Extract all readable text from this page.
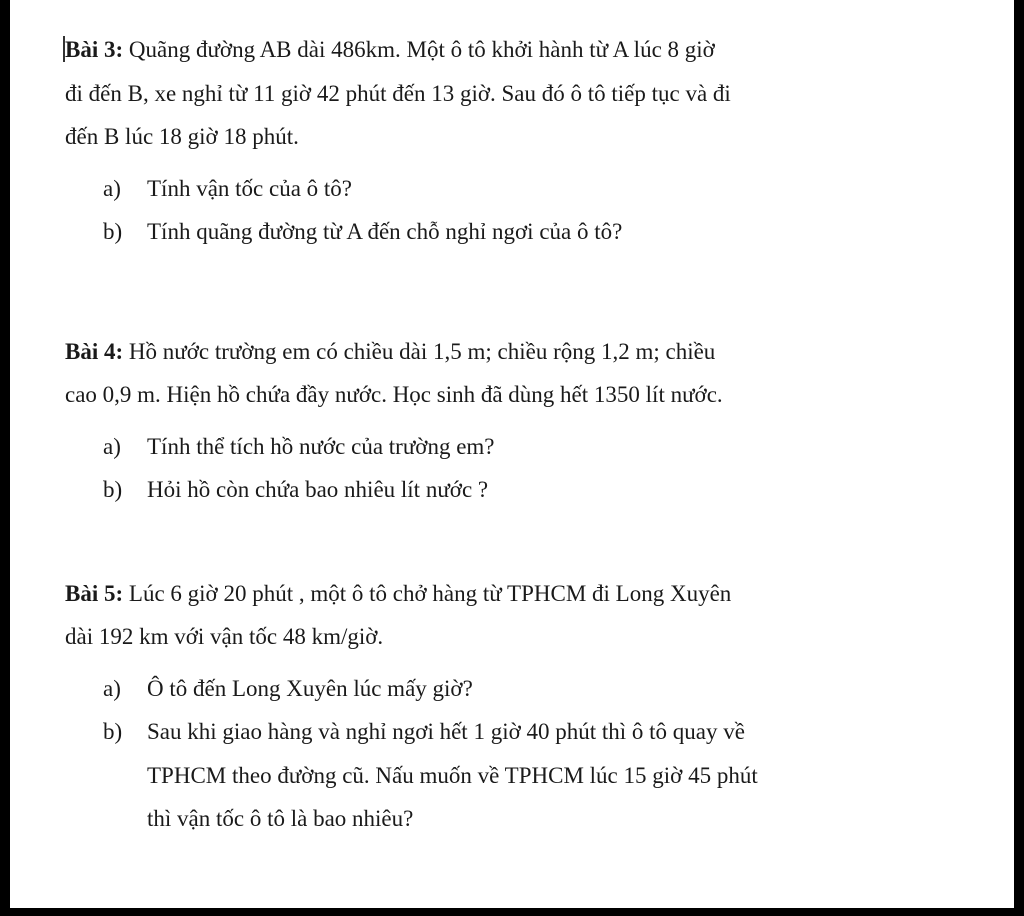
Bài 3: Quãng đường AB dài 486km. Một ô tô khởi hành từ A lúc 8 giờ
đi đến B, xe nghỉ từ 11 giờ 42 phút đến 13 giờ. Sau đó ô tô tiếp tục và đi
đến B lúc 18 giờ 18 phút.

a) Tính vận tốc của ô tô?
b) Tính quãng đường từ A đến chỗ nghỉ ngơi của ô tô?

Bài 4: Hồ nước trường em có chiều dài 1,5 m; chiều rộng 1,2 m; chiều
cao 0,9 m. Hiện hồ chứa đầy nước. Học sinh đã dùng hết 1350 lít nước.

a) Tính thể tích hồ nước của trường em?
b) Hỏi hồ còn chứa bao nhiêu lít nước ?

Bài 5: Lúc 6 giờ 20 phút , một ô tô chở hàng từ TPHCM đi Long Xuyên
dài 192 km với vận tốc 48 km/giờ.

a) Ô tô đến Long Xuyên lúc mấy giờ?
b) Sau khi giao hàng và nghỉ ngơi hết 1 giờ 40 phút thì ô tô quay về
TPHCM theo đường cũ. Nấu muốn về TPHCM lúc 15 giờ 45 phút
thì vận tốc ô tô là bao nhiêu?
